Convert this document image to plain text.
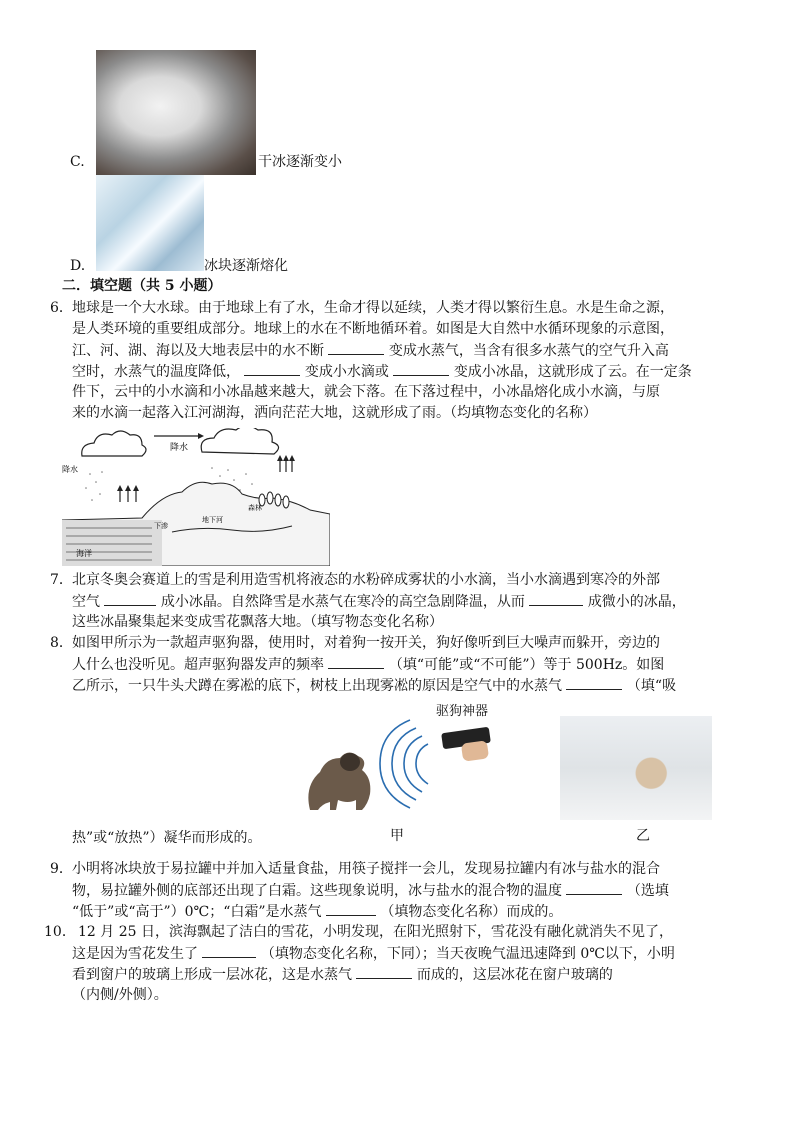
C.	干冰逐渐变小
D.	冰块逐渐熔化
二．填空题（共 5 小题）
6． 地球是一个大水球。由于地球上有了水，生命才得以延续，人类才得以繁衍生息。水是生命之源，
是人类环境的重要组成部分。地球上的水在不断地循环着。如图是大自然中水循环现象的示意图，
江、河、湖、海以及大地表层中的水不断	变成水蒸气，当含有很多水蒸气的空气升入高
空时，水蒸气的温度降低，	变成小水滴或	变成小冰晶，这就形成了云。在一定条
件下，云中的小水滴和小冰晶越来越大，就会下落。在下落过程中，小冰晶熔化成小水滴，与原
来的水滴一起落入江河湖海，洒向茫茫大地，这就形成了雨。（均填物态变化的名称）
降水
降水
海洋
森林
下渗
地下河
7． 北京冬奥会赛道上的雪是利用造雪机将液态的水粉碎成雾状的小水滴，当小水滴遇到寒冷的外部
空气	成小冰晶。自然降雪是水蒸气在寒冷的高空急剧降温，从而	成微小的冰晶，
这些冰晶聚集起来变成雪花飘落大地。（填写物态变化名称）
8． 如图甲所示为一款超声驱狗器，使用时，对着狗一按开关，狗好像听到巨大噪声而躲开，旁边的
人什么也没听见。超声驱狗器发声的频率	（填“可能”或“不可能”）等于 500Hz。如图
乙所示，一只牛头犬蹲在雾凇的底下，树枝上出现雾凇的原因是空气中的水蒸气	（填“吸
驱狗神器
热”或“放热”）凝华而形成的。	甲	乙
9． 小明将冰块放于易拉罐中并加入适量食盐，用筷子搅拌一会儿，发现易拉罐内有冰与盐水的混合
物，易拉罐外侧的底部还出现了白霜。这些现象说明，冰与盐水的混合物的温度	（选填
“低于”或“高于”）0℃；“白霜”是水蒸气	（填物态变化名称）而成的。
10． 12 月 25 日，滨海飘起了洁白的雪花，小明发现，在阳光照射下，雪花没有融化就消失不见了，
这是因为雪花发生了	（填物态变化名称，下同）；当天夜晚气温迅速降到 0℃以下，小明
看到窗户的玻璃上形成一层冰花，这是水蒸气	而成的，这层冰花在窗户玻璃的
（内侧/外侧）。
